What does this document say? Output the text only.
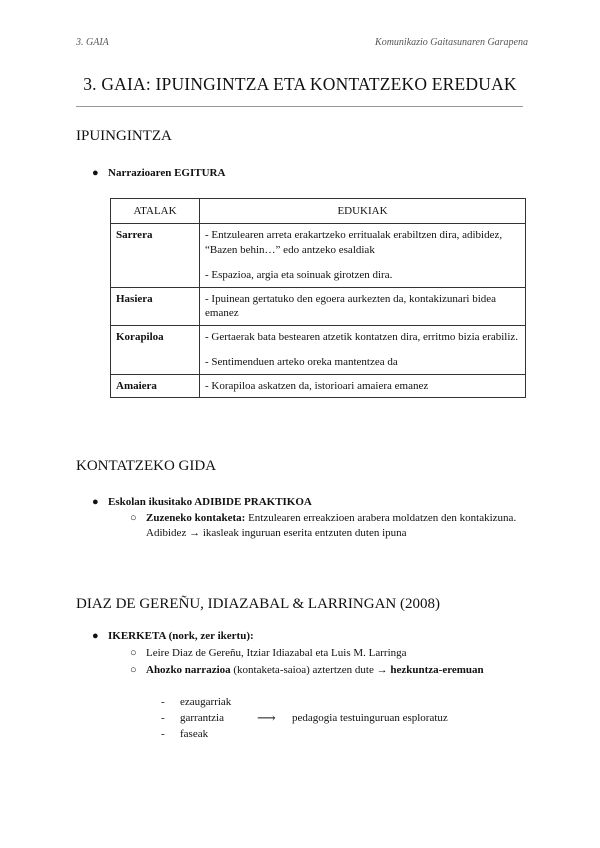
3. GAIA	Komunikazio Gaitasunaren Garapena
3. GAIA: IPUINGINTZA ETA KONTATZEKO EREDUAK
IPUINGINTZA
● Narrazioaren EGITURA
ATALAK	EDUKIAK
Sarrera	- Entzulearen arreta erakartzeko erritualak erabiltzen dira, adibidez, “Bazen behin…” edo antzeko esaldiak

- Espazioa, argia eta soinuak girotzen dira.

Hasiera	- Ipuinean gertatuko den egoera aurkezten da, kontakizunari bidea emanez

Korapiloa	- Gertaerak bata bestearen atzetik kontatzen dira, erritmo bizia erabiliz.

- Sentimenduen arteko oreka mantentzea da

Amaiera	- Korapiloa askatzen da, istorioari amaiera emanez

KONTATZEKO GIDA
● Eskolan ikusitako ADIBIDE PRAKTIKOA
○ Zuzeneko kontaketa: Entzulearen erreakzioen arabera moldatzen den kontakizuna.
Adibidez → ikasleak inguruan eserita entzuten duten ipuna
DIAZ DE GEREÑU, IDIAZABAL & LARRINGAN (2008)
● IKERKETA (nork, zer ikertu):
○ Leire Diaz de Gereñu, Itziar Idiazabal eta Luis M. Larringa
○ Ahozko narrazioa (kontaketa-saioa) aztertzen dute → hezkuntza-eremuan
- ezaugarriak
- garrantzia	⟶ pedagogia testuinguruan esploratuz
- faseak
